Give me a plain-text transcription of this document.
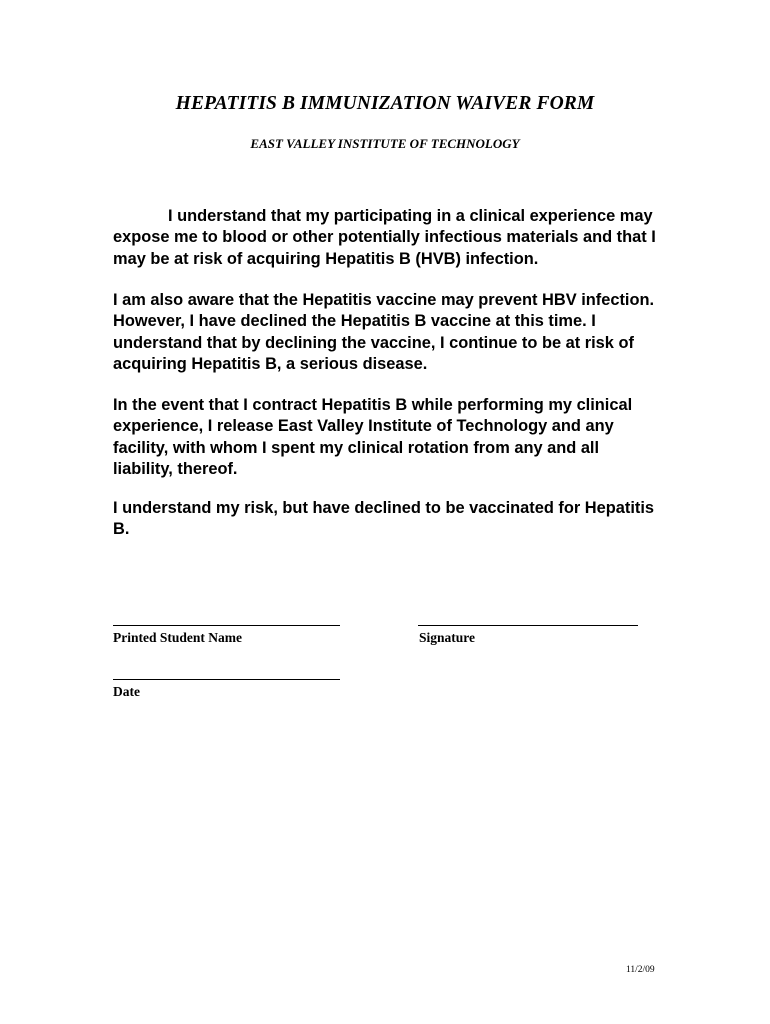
HEPATITIS B IMMUNIZATION WAIVER FORM
EAST VALLEY INSTITUTE OF TECHNOLOGY

I understand that my participating in a clinical experience may expose me to blood or other potentially infectious materials and that I may be at risk of acquiring Hepatitis B (HVB) infection.

I am also aware that the Hepatitis vaccine may prevent HBV infection. However, I have declined the Hepatitis B vaccine at this time. I understand that by declining the vaccine, I continue to be at risk of acquiring Hepatitis B, a serious disease.

In the event that I contract Hepatitis B while performing my clinical experience, I release East Valley Institute of Technology and any facility, with whom I spent my clinical rotation from any and all liability, thereof.

I understand my risk, but have declined to be vaccinated for Hepatitis B.

Printed Student Name	Signature
Date
11/2/09
